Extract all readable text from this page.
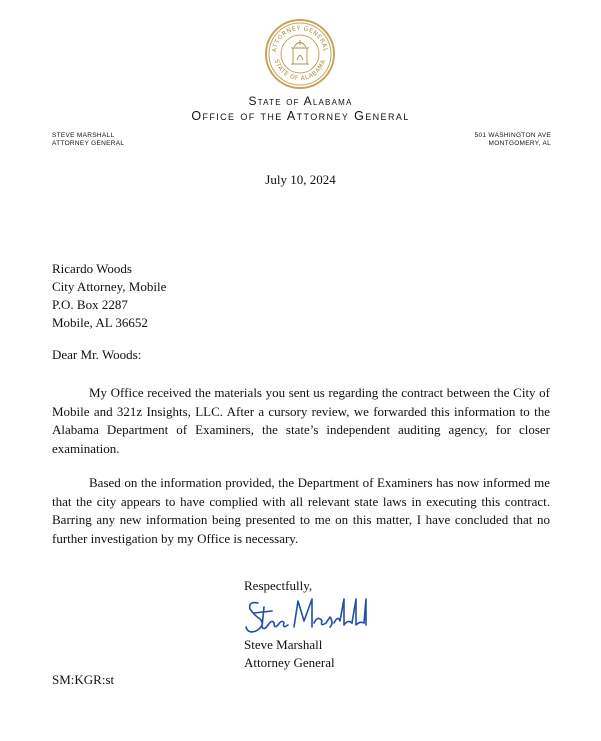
ATTORNEY GENERAL
STATE OF ALABAMA
State of Alabama
Office of the Attorney General
STEVE MARSHALL
ATTORNEY GENERAL
501 WASHINGTON AVE
MONTGOMERY, AL
July 10, 2024
Ricardo Woods
City Attorney, Mobile
P.O. Box 2287
Mobile, AL 36652
Dear Mr. Woods:
My Office received the materials you sent us regarding the contract between the City of Mobile and 321z Insights, LLC. After a cursory review, we forwarded this information to the Alabama Department of Examiners, the state’s independent auditing agency, for closer examination.
Based on the information provided, the Department of Examiners has now informed me that the city appears to have complied with all relevant state laws in executing this contract. Barring any new information being presented to me on this matter, I have concluded that no further investigation by my Office is necessary.
Respectfully,
Steve Marshall
Attorney General
SM:KGR:st
